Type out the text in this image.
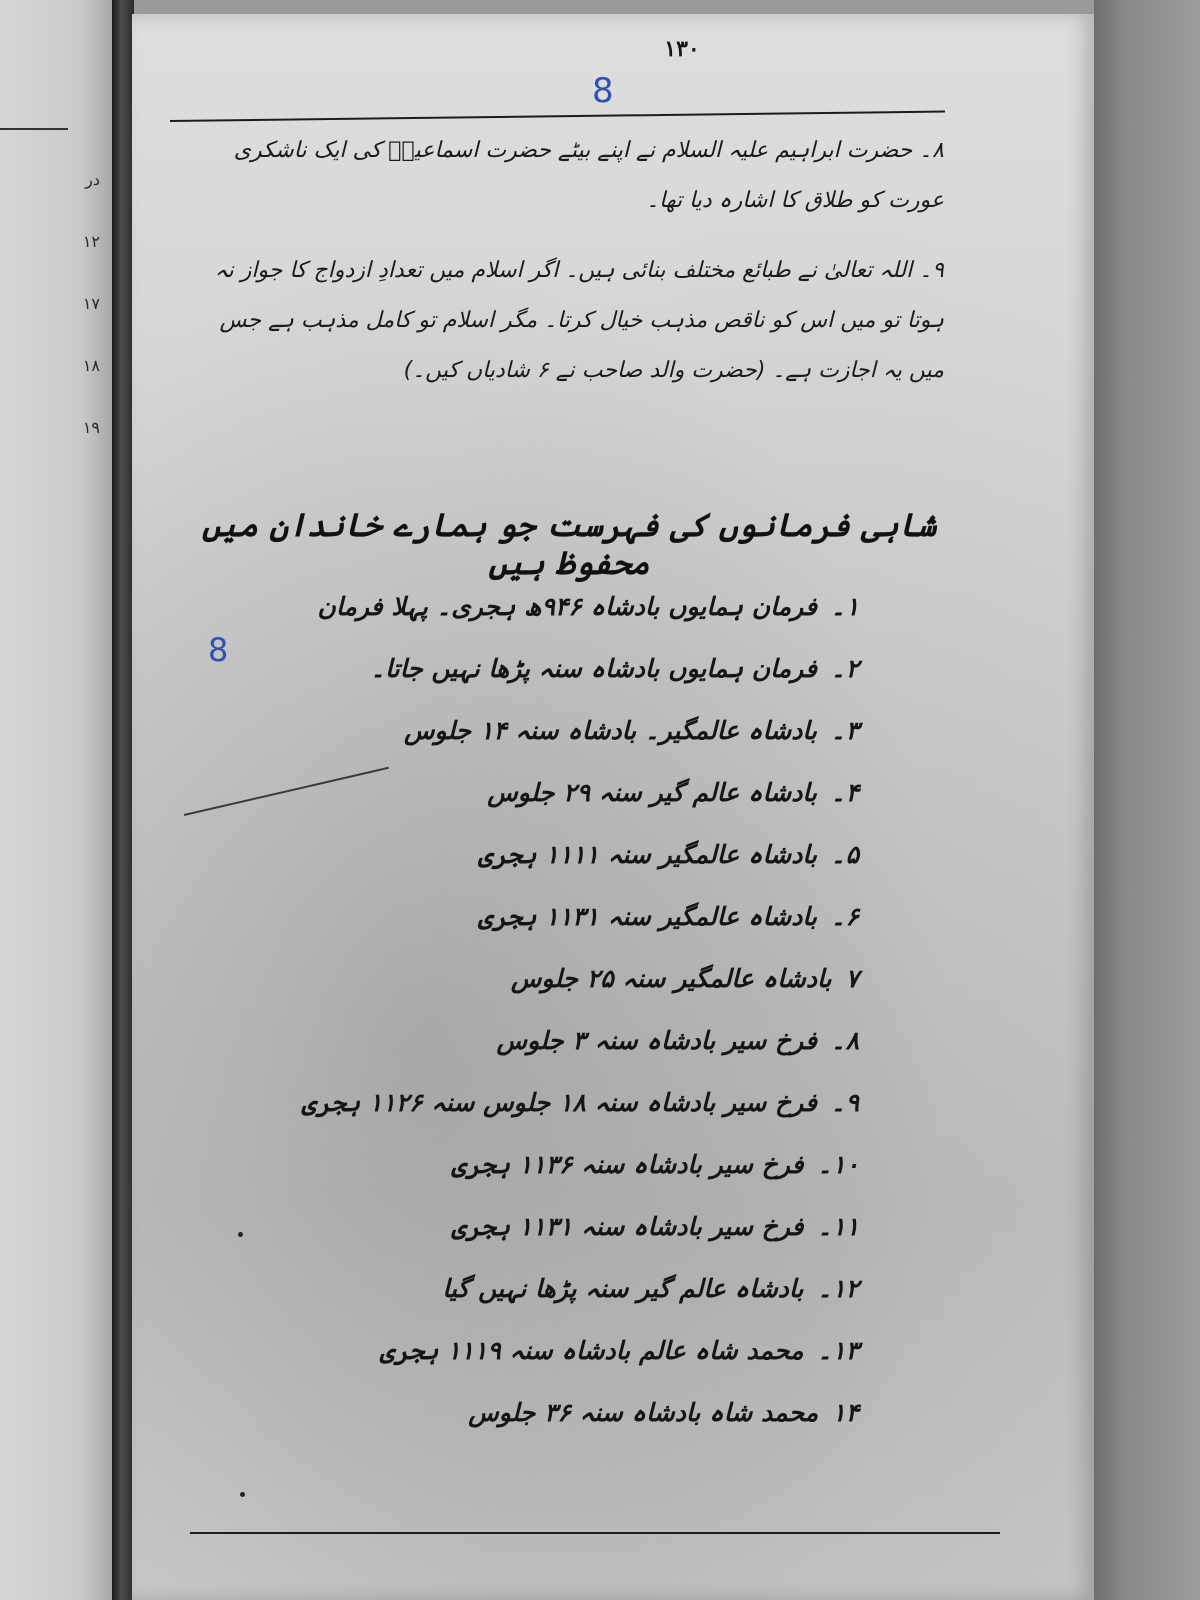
در
۱۲
۱۷
۱۸
۱۹
۱۳۰
8
۸۔ حضرت ابراہیم علیہ السلام نے اپنے بیٹے حضرت اسماعیلؑ کی ایک ناشکری عورت کو طلاق کا اشارہ دیا تھا۔
۹۔ اللہ تعالیٰ نے طبائع مختلف بنائی ہیں۔ اگر اسلام میں تعدادِ ازدواج کا جواز نہ ہوتا تو میں اس کو ناقص مذہب خیال کرتا۔ مگر اسلام تو کامل مذہب ہے جس میں یہ اجازت ہے۔ (حضرت والد صاحب نے ۶ شادیاں کیں۔)
شاہی فرمانوں کی فہرست جو ہمارے خاندان میں محفوظ ہیں
8
۱۔فرمان ہمایوں بادشاہ ۹۴۶ھ ہجری۔ پہلا فرمان
۲۔فرمان ہمایوں بادشاہ سنہ پڑھا نہیں جاتا۔
۳۔بادشاہ عالمگیر۔ بادشاہ سنہ ۱۴ جلوس
۴۔بادشاہ عالم گیر سنہ ۲۹ جلوس
۵۔بادشاہ عالمگیر سنہ ۱۱۱۱ ہجری
۶۔بادشاہ عالمگیر سنہ ۱۱۳۱ ہجری
۷بادشاہ عالمگیر سنہ ۲۵ جلوس
۸۔فرخ سیر بادشاہ سنہ ۳ جلوس
۹۔فرخ سیر بادشاہ سنہ ۱۸ جلوس سنہ ۱۱۲۶ ہجری
۱۰۔فرخ سیر بادشاہ سنہ ۱۱۳۶ ہجری
۱۱۔فرخ سیر بادشاہ سنہ ۱۱۳۱ ہجری
۱۲۔بادشاہ عالم گیر سنہ پڑھا نہیں گیا
۱۳۔محمد شاہ عالم بادشاہ سنہ ۱۱۱۹ ہجری
۱۴محمد شاہ بادشاہ سنہ ۳۶ جلوس
